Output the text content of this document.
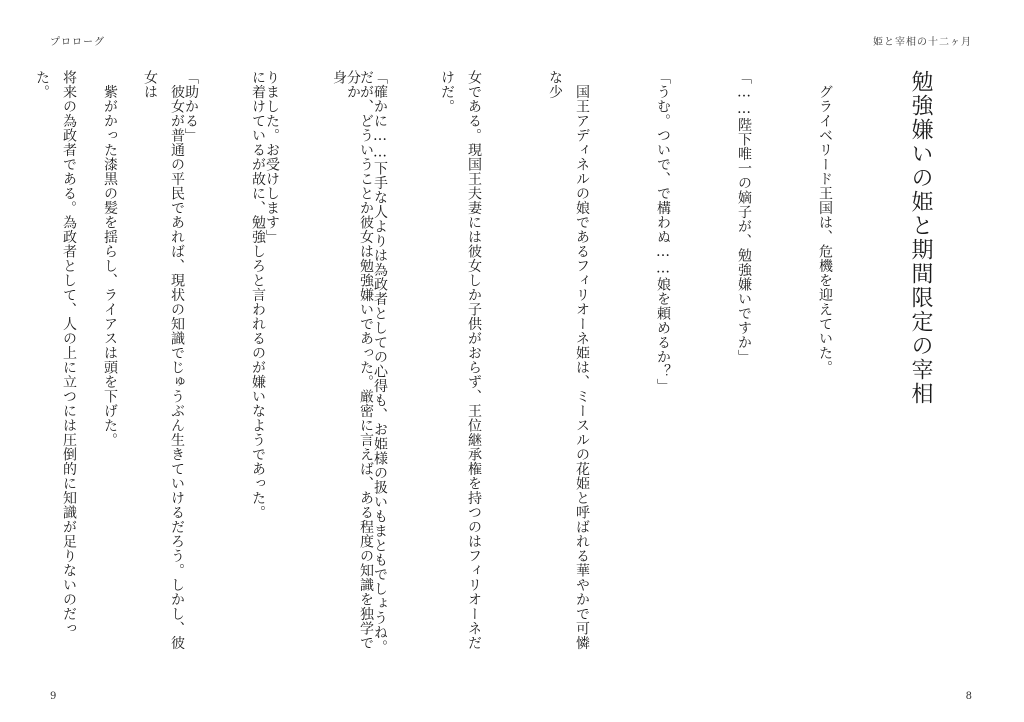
プロローグ

「確かに……下手な人よりは為政者としての心得も、お姫様の扱いもまともでしょうね。分か

りました。お受けします」

「助かる」

　紫がかった漆黒の髪を揺らし、ライアスは頭を下げた。

9
姫と宰相の十二ヶ月

勉強嫌いの姫と期間限定の宰相

　グライベリード王国は、危機を迎えていた。

「……陛下唯一の嫡子が、勉強嫌いですか」

「うむ。ついで、で構わぬ……娘を頼めるか？」

　国王アディネルの娘であるフィリオーネ姫は、ミースルの花姫と呼ばれる華やかで可憐な少

女である。現国王夫妻には彼女しか子供がおらず、王位継承権を持つのはフィリオーネだけだ。

だが、どういうことか彼女は勉強嫌いであった。厳密に言えば、ある程度の知識を独学で身

に着けているが故に、勉強しろと言われるのが嫌いなようであった。

　彼女が普通の平民であれば、現状の知識でじゅうぶん生きていけるだろう。しかし、彼女は

将来の為政者である。為政者として、人の上に立つには圧倒的に知識が足りないのだった。

8
